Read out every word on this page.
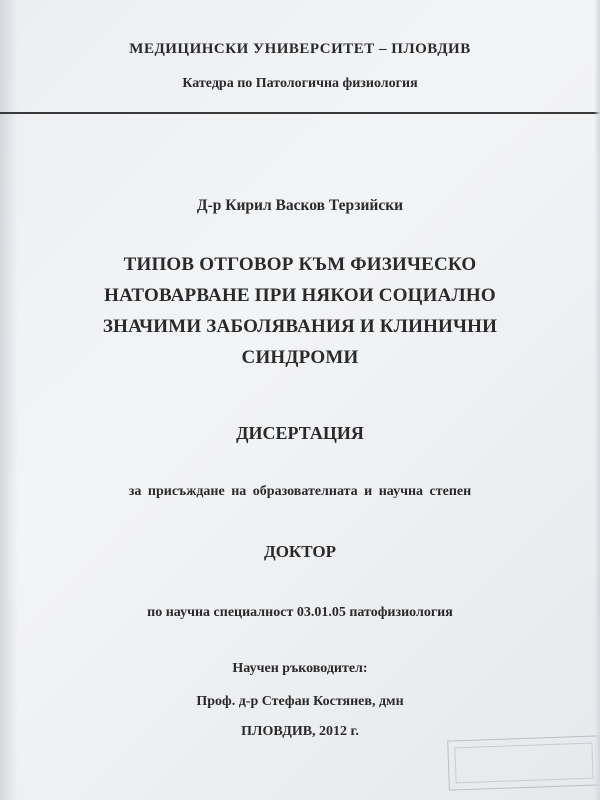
МЕДИЦИНСКИ УНИВЕРСИТЕТ – ПЛОВДИВ
Катедра по Патологична физиология
Д-р Кирил Васков Терзийски
ТИПОВ ОТГОВОР КЪМ ФИЗИЧЕСКО
НАТОВАРВАНЕ ПРИ НЯКОИ СОЦИАЛНО
ЗНАЧИМИ ЗАБОЛЯВАНИЯ И КЛИНИЧНИ
СИНДРОМИ
ДИСЕРТАЦИЯ
за присъждане на образователната и научна степен
ДОКТОР
по научна специалност 03.01.05 патофизиология
Научен ръководител:
Проф. д-р Стефан Костянев, дмн
ПЛОВДИВ, 2012 г.
